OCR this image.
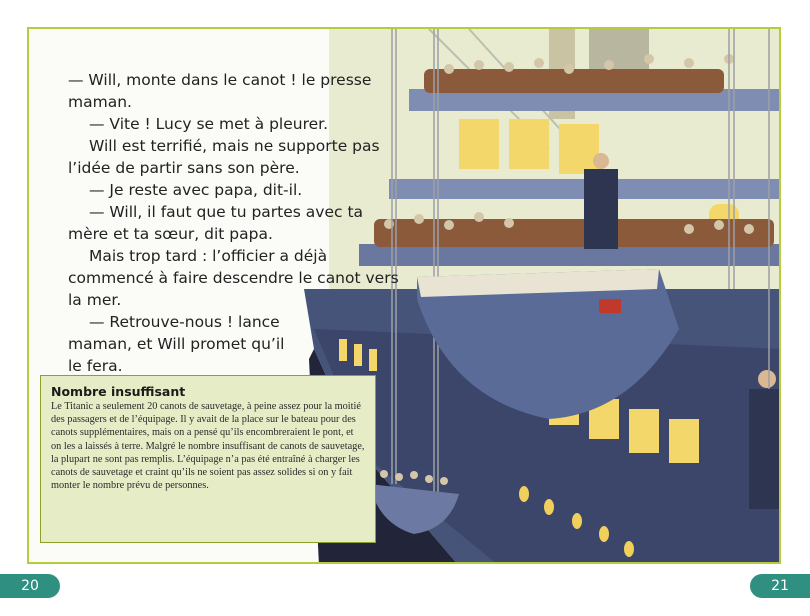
— Will, monte dans le canot ! le presse maman.

— Vite ! Lucy se met à pleurer.

Will est terrifié, mais ne supporte pas l’idée de partir sans son père.

— Je reste avec papa, dit-il.

— Will, il faut que tu partes avec ta mère et ta sœur, dit papa.

Mais trop tard : l’officier a déjà commencé à faire descendre le canot vers la mer.

— Retrouve-nous ! lance maman, et Will promet qu’il le fera.

Nombre insuffisant

Le Titanic a seulement 20 canots de sauvetage, à peine assez pour la moitié des passagers et de l’équipage. Il y avait de la place sur le bateau pour des canots supplémentaires, mais on a pensé qu’ils encombreraient le pont, et on les a laissés à terre. Malgré le nombre insuffisant de canots de sauvetage, la plupart ne sont pas remplis. L’équipage n’a pas été entraîné à charger les canots de sauvetage et craint qu’ils ne soient pas assez solides si on y fait monter le nombre prévu de personnes.

20	21
